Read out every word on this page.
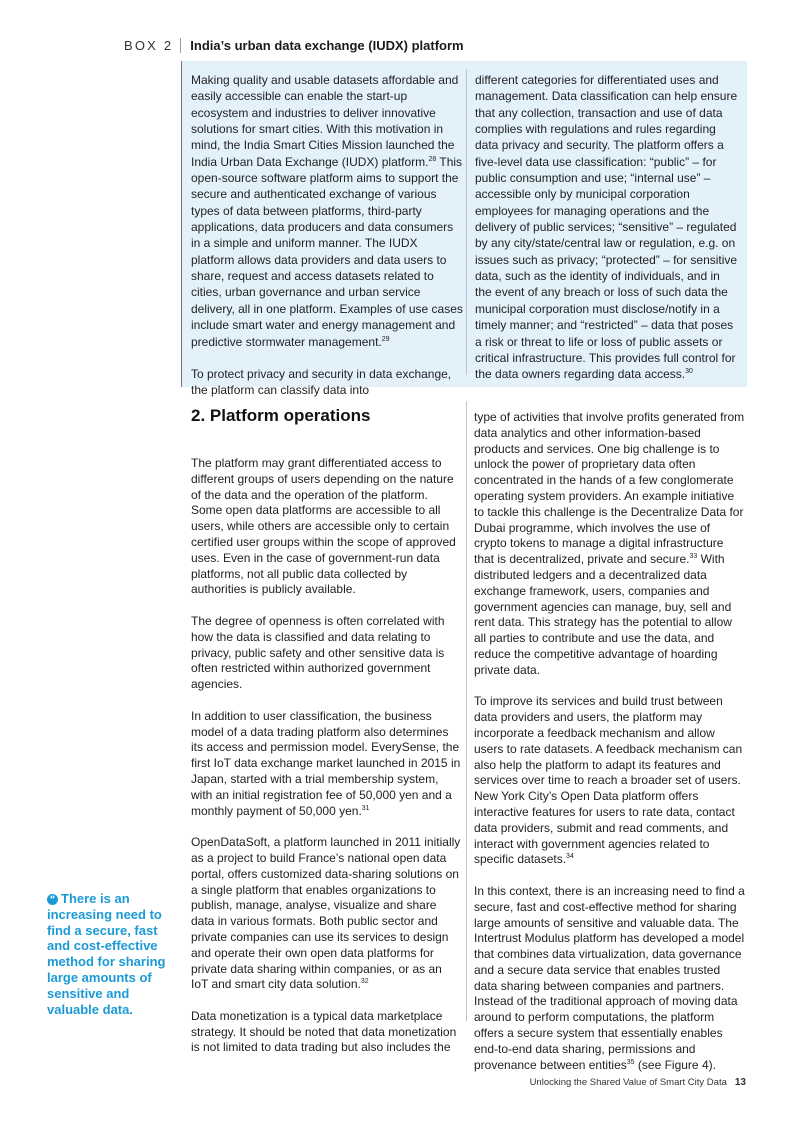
BOX 2 India’s urban data exchange (IUDX) platform

Making quality and usable datasets affordable and easily accessible can enable the start-up ecosystem and industries to deliver innovative solutions for smart cities. With this motivation in mind, the India Smart Cities Mission launched the India Urban Data Exchange (IUDX) platform.$^{28}$ This open-source software platform aims to support the secure and authenticated exchange of various types of data between platforms, third-party applications, data producers and data consumers in a simple and uniform manner. The IUDX platform allows data providers and data users to share, request and access datasets related to cities, urban governance and urban service delivery, all in one platform. Examples of use cases include smart water and energy management and predictive stormwater management.$^{29}$

To protect privacy and security in data exchange, the platform can classify data into

different categories for differentiated uses and management. Data classification can help ensure that any collection, transaction and use of data complies with regulations and rules regarding data privacy and security. The platform offers a five-level data use classification: “public” – for public consumption and use; “internal use” – accessible only by municipal corporation employees for managing operations and the delivery of public services; “sensitive” – regulated by any city/state/central law or regulation, e.g. on issues such as privacy; “protected” – for sensitive data, such as the identity of individuals, and in the event of any breach or loss of such data the municipal corporation must disclose/notify in a timely manner; and “restricted” – data that poses a risk or threat to life or loss of public assets or critical infrastructure. This provides full control for the data owners regarding data access.$^{30}$

2. Platform operations

The platform may grant differentiated access to different groups of users depending on the nature of the data and the operation of the platform. Some open data platforms are accessible to all users, while others are accessible only to certain certified user groups within the scope of approved uses. Even in the case of government-run data platforms, not all public data collected by authorities is publicly available.

The degree of openness is often correlated with how the data is classified and data relating to privacy, public safety and other sensitive data is often restricted within authorized government agencies.

In addition to user classification, the business model of a data trading platform also determines its access and permission model. EverySense, the first IoT data exchange market launched in 2015 in Japan, started with a trial membership system, with an initial registration fee of 50,000 yen and a monthly payment of 50,000 yen.$^{31}$

OpenDataSoft, a platform launched in 2011 initially as a project to build France’s national open data portal, offers customized data-sharing solutions on a single platform that enables organizations to publish, manage, analyse, visualize and share data in various formats. Both public sector and private companies can use its services to design and operate their own open data platforms for private data sharing within companies, or as an IoT and smart city data solution.$^{32}$

Data monetization is a typical data marketplace strategy. It should be noted that data monetization is not limited to data trading but also includes the

type of activities that involve profits generated from data analytics and other information-based products and services. One big challenge is to unlock the power of proprietary data often concentrated in the hands of a few conglomerate operating system providers. An example initiative to tackle this challenge is the Decentralize Data for Dubai programme, which involves the use of crypto tokens to manage a digital infrastructure that is decentralized, private and secure.$^{33}$ With distributed ledgers and a decentralized data exchange framework, users, companies and government agencies can manage, buy, sell and rent data. This strategy has the potential to allow all parties to contribute and use the data, and reduce the competitive advantage of hoarding private data.

To improve its services and build trust between data providers and users, the platform may incorporate a feedback mechanism and allow users to rate datasets. A feedback mechanism can also help the platform to adapt its features and services over time to reach a broader set of users. New York City’s Open Data platform offers interactive features for users to rate data, contact data providers, submit and read comments, and interact with government agencies related to specific datasets.$^{34}$

In this context, there is an increasing need to find a secure, fast and cost-effective method for sharing large amounts of sensitive and valuable data. The Intertrust Modulus platform has developed a model that combines data virtualization, data governance and a secure data service that enables trusted data sharing between companies and partners. Instead of the traditional approach of moving data around to perform computations, the platform offers a secure system that essentially enables end-to-end data sharing, permissions and provenance between entities$^{35}$ (see Figure 4).

“ There is an increasing need to find a secure, fast and cost-effective method for sharing large amounts of sensitive and valuable data.
Unlocking the Shared Value of Smart City Data 13
